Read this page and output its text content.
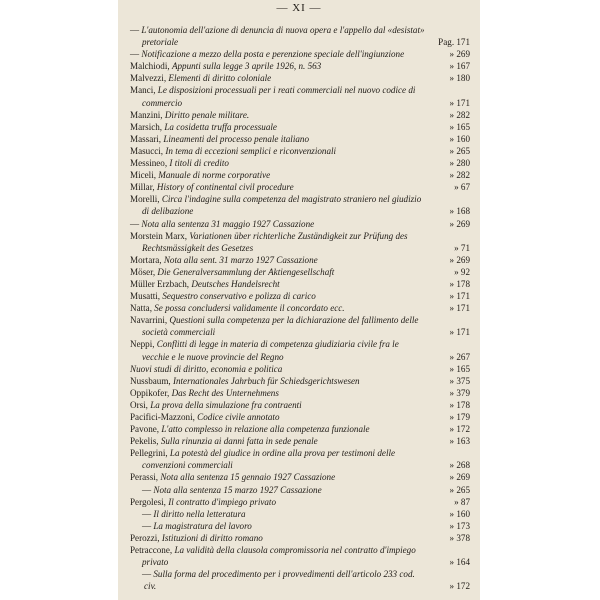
— XI —
— L'autonomia dell'azione di denuncia di nuova opera e l'appello dal «desistat» pretoriale	Pag. 171
— Notificazione a mezzo della posta e perenzione speciale dell'ingiunzione	» 269
Malchiodi, Appunti sulla legge 3 aprile 1926, n. 563	» 167
Malvezzi, Elementi di diritto coloniale	» 180
Manci, Le disposizioni processuali per i reati commerciali nel nuovo codice di commercio	» 171
Manzini, Diritto penale militare.	» 282
Marsich, La cosidetta truffa processuale	» 165
Massari, Lineamenti del processo penale italiano	» 160
Masucci, In tema di eccezioni semplici e riconvenzionali	» 265
Messineo, I titoli di credito	» 280
Miceli, Manuale di norme corporative	» 282
Millar, History of continental civil procedure	» 67
Morelli, Circa l'indagine sulla competenza del magistrato straniero nel giudizio di delibazione	» 168
— Nota alla sentenza 31 maggio 1927 Cassazione	» 269
Morstein Marx, Variationen über richterliche Zuständigkeit zur Prüfung des Rechtsmässigkeit des Gesetzes	» 71
Mortara, Nota alla sent. 31 marzo 1927 Cassazione	» 269
Möser, Die Generalversammlung der Aktiengesellschaft	» 92
Müller Erzbach, Deutsches Handelsrecht	» 178
Musatti, Sequestro conservativo e polizza di carico	» 171
Natta, Se possa concludersi validamente il concordato ecc.	» 171
Navarrini, Questioni sulla competenza per la dichiarazione del fallimento delle società commerciali	» 171
Neppi, Conflitti di legge in materia di competenza giudiziaria civile fra le vecchie e le nuove provincie del Regno	» 267
Nuovi studi di diritto, economia e politica	» 165
Nussbaum, Internationales Jahrbuch für Schiedsgerichtswesen	» 375
Oppikofer, Das Recht des Unternehmens	» 379
Orsi, La prova della simulazione fra contraenti	» 178
Pacifici-Mazzoni, Codice civile annotato	» 179
Pavone, L'atto complesso in relazione alla competenza funzionale	» 172
Pekelis, Sulla rinunzia ai danni fatta in sede penale	» 163
Pellegrini, La potestà del giudice in ordine alla prova per testimoni delle convenzioni commerciali	» 268
Perassi, Nota alla sentenza 15 gennaio 1927 Cassazione	» 269
— Nota alla sentenza 15 marzo 1927 Cassazione	» 265
Pergolesi, Il contratto d'impiego privato	» 87
— Il diritto nella letteratura	» 160
— La magistratura del lavoro	» 173
Perozzi, Istituzioni di diritto romano	» 378
Petraccone, La validità della clausola compromissoria nel contratto d'impiego privato	» 164
— Sulla forma del procedimento per i provvedimenti dell'articolo 233 cod. civ.	» 172
